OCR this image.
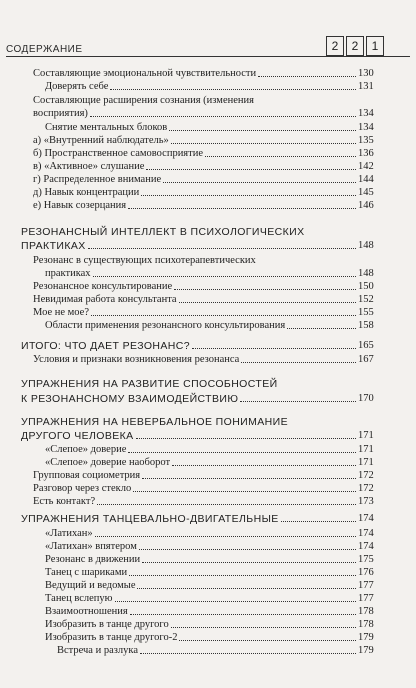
СОДЕРЖАНИЕ	2	2	1
Составляющие эмоциональной чувствительности	130
Доверять себе	131
Составляющие расширения сознания (изменения
восприятия)	134
Снятие ментальных блоков	134
а) «Внутренний наблюдатель»	135
б) Пространственное самовосприятие	136
в) «Активное» слушание	142
г) Распределенное внимание	144
д) Навык концентрации	145
е) Навык созерцания	146
РЕЗОНАНСНЫЙ ИНТЕЛЛЕКТ В ПСИХОЛОГИЧЕСКИХ
ПРАКТИКАХ	148
Резонанс в существующих психотерапевтических
практиках	148
Резонансное консультирование	150
Невидимая работа консультанта	152
Мое не мое?	155
Области применения резонансного консультирования	158
ИТОГО: ЧТО ДАЕТ РЕЗОНАНС?	165
Условия и признаки возникновения резонанса	167
УПРАЖНЕНИЯ НА РАЗВИТИЕ СПОСОБНОСТЕЙ
К РЕЗОНАНСНОМУ ВЗАИМОДЕЙСТВИЮ	170
УПРАЖНЕНИЯ НА НЕВЕРБАЛЬНОЕ ПОНИМАНИЕ
ДРУГОГО ЧЕЛОВЕКА	171
«Слепое» доверие	171
«Слепое» доверие наоборот	171
Групповая социометрия	172
Разговор через стекло	172
Есть контакт?	173
УПРАЖНЕНИЯ ТАНЦЕВАЛЬНО-ДВИГАТЕЛЬНЫЕ	174
«Латихан»	174
«Латихан» впятером	174
Резонанс в движении	175
Танец с шариками	176
Ведущий и ведомые	177
Танец вслепую	177
Взаимоотношения	178
Изобразить в танце другого	178
Изобразить в танце другого-2	179
Встреча и разлука	179
